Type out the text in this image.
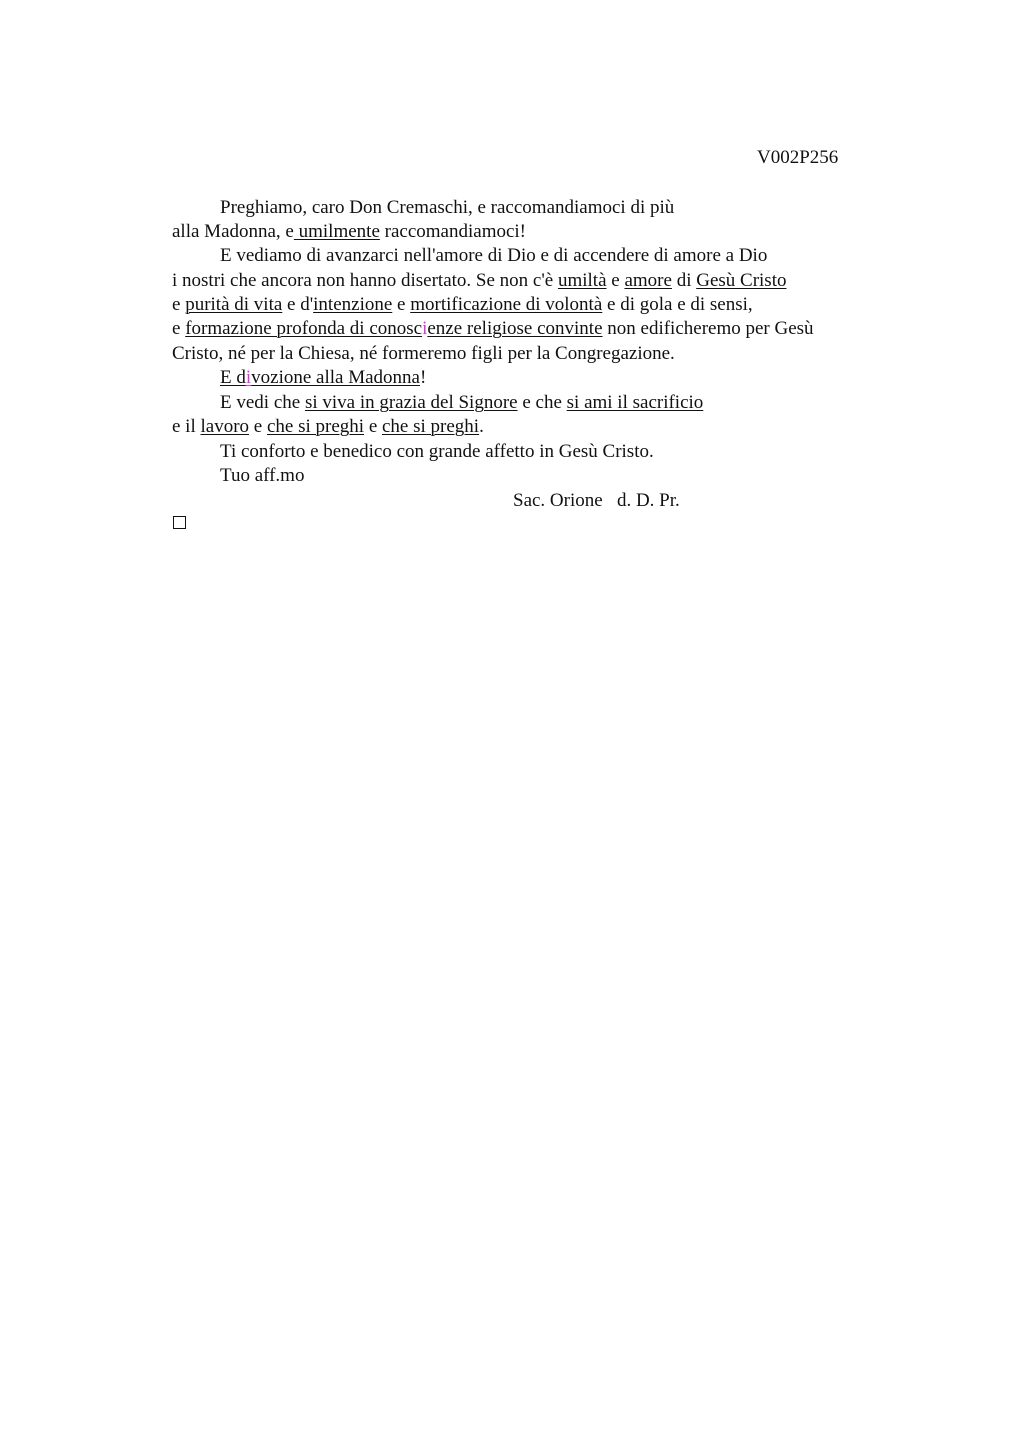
V002P256
Preghiamo, caro Don Cremaschi, e raccomandiamoci di più
alla Madonna, e umilmente raccomandiamoci!
E vediamo di avanzarci nell'amore di Dio e di accendere di amore a Dio
i nostri che ancora non hanno disertato. Se non c'è umiltà e amore di Gesù Cristo
e purità di vita e d'intenzione e mortificazione di volontà e di gola e di sensi,
e formazione profonda di conoscienze religiose convinte non edificheremo per Gesù
Cristo, né per la Chiesa, né formeremo figli per la Congregazione.
E divozione alla Madonna!
E vedi che si viva in grazia del Signore e che si ami il sacrificio
e il lavoro e che si preghi e che si preghi.
Ti conforto e benedico con grande affetto in Gesù Cristo.
Tuo aff.mo
Sac. Orione   d. D. Pr.
